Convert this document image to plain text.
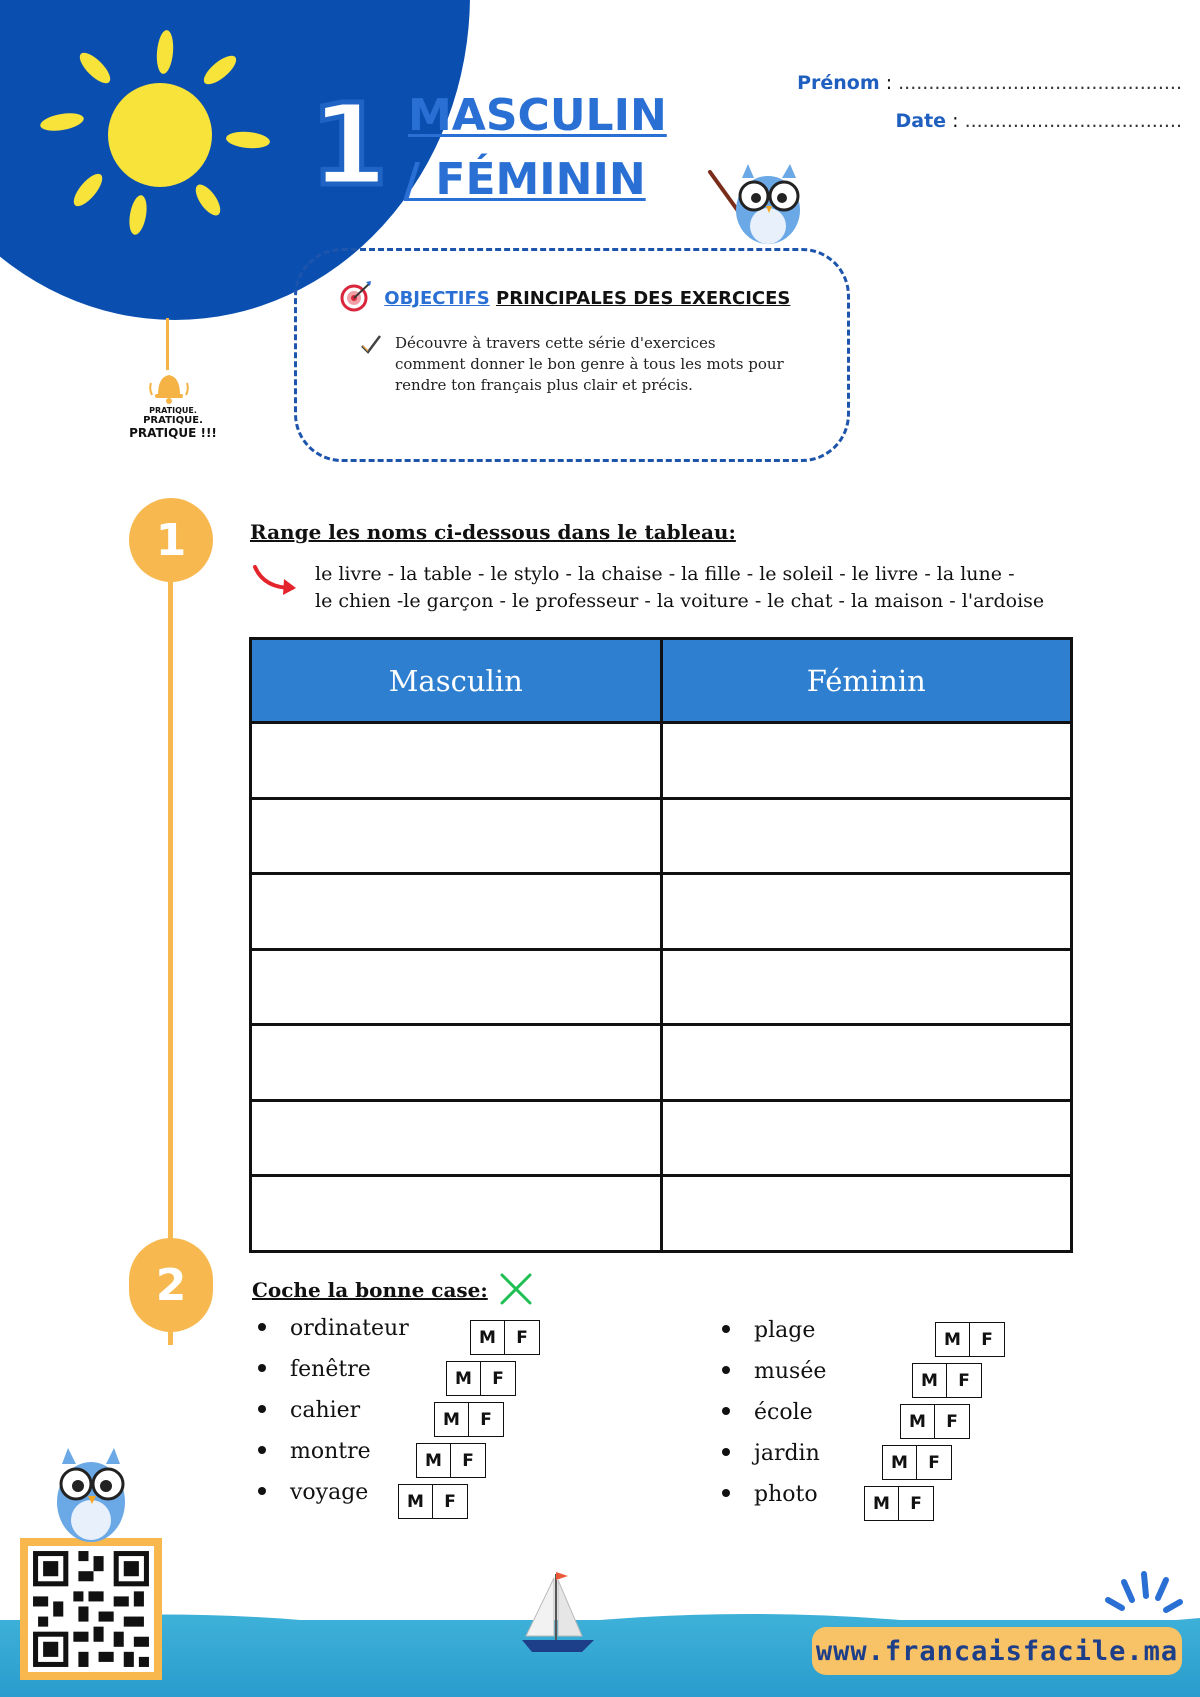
1 MASCULIN
/ FÉMININ
Prénom : ...............................................
Date : ....................................
OBJECTIFS PRINCIPALES DES EXERCICES
Découvre à travers cette série d'exercices comment donner le bon genre à tous les mots pour rendre ton français plus clair et précis.
PRATIQUE.
PRATIQUE.
PRATIQUE !!!
1	Range les noms ci-dessous dans le tableau:
le livre - la table - le stylo - la chaise - la fille - le soleil - le livre - la lune -
le chien -le garçon - le professeur - la voiture - le chat - la maison - l'ardoise
Masculin	Féminin

2	Coche la bonne case:
ordinateur	M	F
fenêtre	M	F
cahier	M	F
montre	M	F
voyage	M	F
plage	M	F
musée	M	F
école	M	F
jardin	M	F
photo	M	F
www.francaisfacile.ma
